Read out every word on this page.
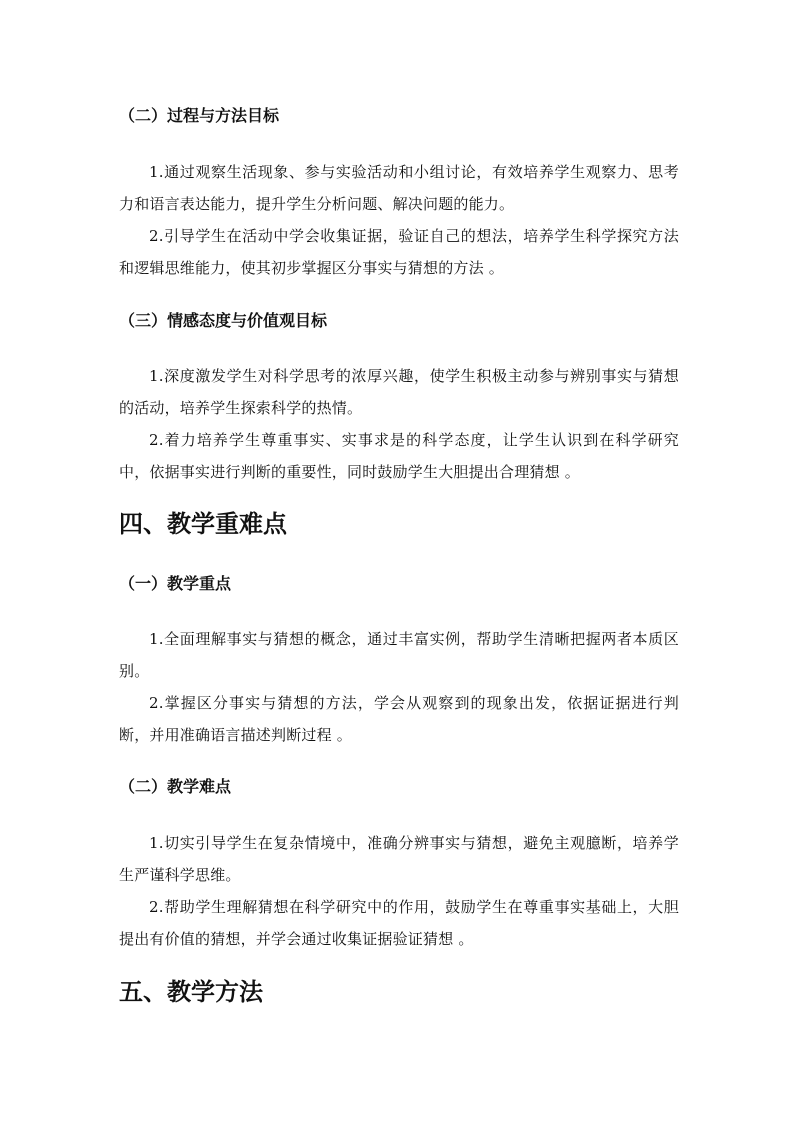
（二）过程与方法目标

1.通过观察生活现象、参与实验活动和小组讨论，有效培养学生观察力、思考力和语言表达能力，提升学生分析问题、解决问题的能力。

2.引导学生在活动中学会收集证据，验证自己的想法，培养学生科学探究方法和逻辑思维能力，使其初步掌握区分事实与猜想的方法 。

（三）情感态度与价值观目标

1.深度激发学生对科学思考的浓厚兴趣，使学生积极主动参与辨别事实与猜想的活动，培养学生探索科学的热情。

2.着力培养学生尊重事实、实事求是的科学态度，让学生认识到在科学研究中，依据事实进行判断的重要性，同时鼓励学生大胆提出合理猜想 。

四、教学重难点
（一）教学重点

1.全面理解事实与猜想的概念，通过丰富实例，帮助学生清晰把握两者本质区别。

2.掌握区分事实与猜想的方法，学会从观察到的现象出发，依据证据进行判断，并用准确语言描述判断过程 。

（二）教学难点

1.切实引导学生在复杂情境中，准确分辨事实与猜想，避免主观臆断，培养学生严谨科学思维。

2.帮助学生理解猜想在科学研究中的作用，鼓励学生在尊重事实基础上，大胆提出有价值的猜想，并学会通过收集证据验证猜想 。

五、教学方法
